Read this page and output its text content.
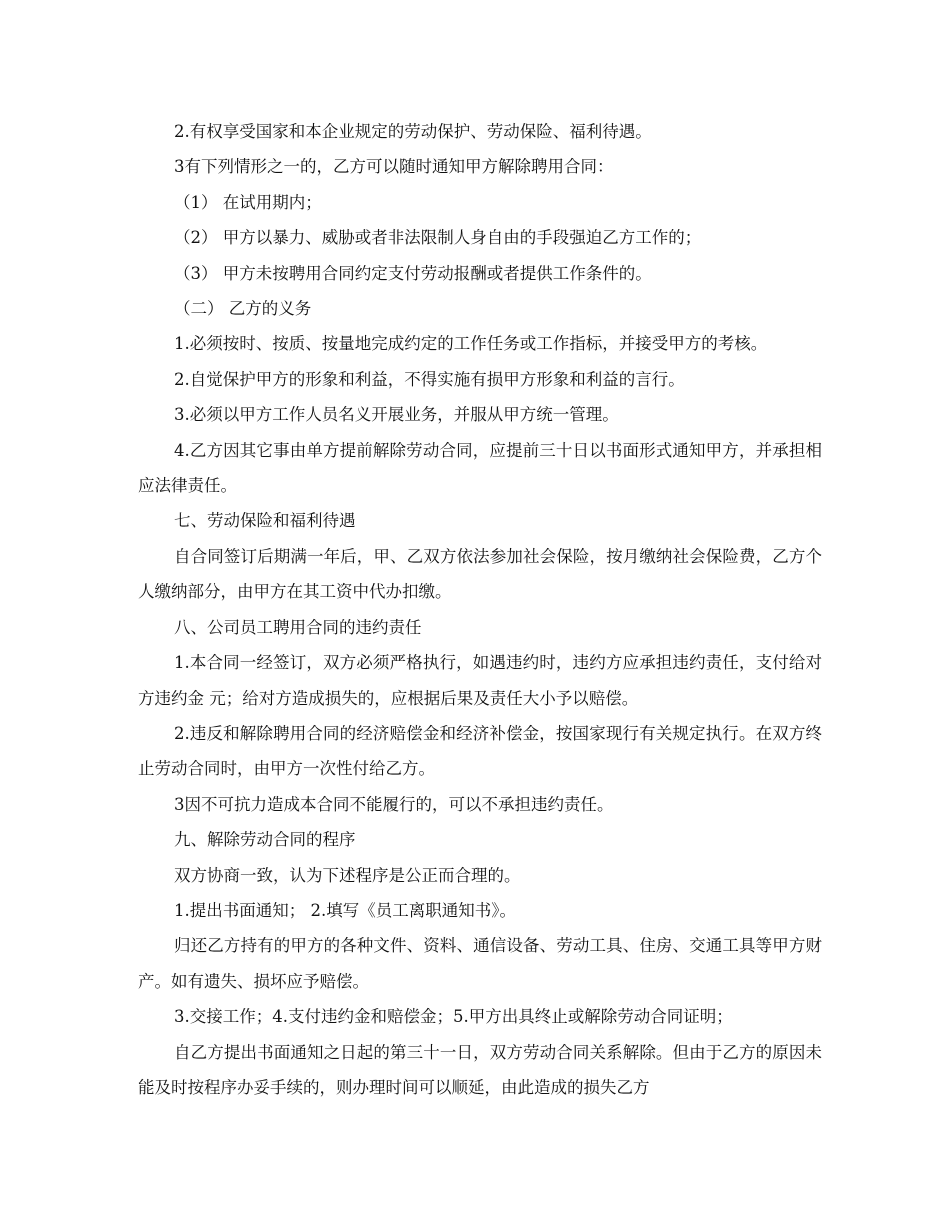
2.有权享受国家和本企业规定的劳动保护、劳动保险、福利待遇。

3有下列情形之一的，乙方可以随时通知甲方解除聘用合同：

（1） 在试用期内；

（2） 甲方以暴力、威胁或者非法限制人身自由的手段强迫乙方工作的；

（3） 甲方未按聘用合同约定支付劳动报酬或者提供工作条件的。

（二） 乙方的义务

1.必须按时、按质、按量地完成约定的工作任务或工作指标，并接受甲方的考核。

2.自觉保护甲方的形象和利益，不得实施有损甲方形象和利益的言行。

3.必须以甲方工作人员名义开展业务，并服从甲方统一管理。

4.乙方因其它事由单方提前解除劳动合同，应提前三十日以书面形式通知甲方，并承担相应法律责任。

七、劳动保险和福利待遇

自合同签订后期满一年后，甲、乙双方依法参加社会保险，按月缴纳社会保险费，乙方个人缴纳部分，由甲方在其工资中代办扣缴。

八、公司员工聘用合同的违约责任

1.本合同一经签订，双方必须严格执行，如遇违约时，违约方应承担违约责任，支付给对方违约金 元；给对方造成损失的，应根据后果及责任大小予以赔偿。

2.违反和解除聘用合同的经济赔偿金和经济补偿金，按国家现行有关规定执行。在双方终止劳动合同时，由甲方一次性付给乙方。

3因不可抗力造成本合同不能履行的，可以不承担违约责任。

九、解除劳动合同的程序

双方协商一致，认为下述程序是公正而合理的。

1.提出书面通知； 2.填写《员工离职通知书》。

归还乙方持有的甲方的各种文件、资料、通信设备、劳动工具、住房、交通工具等甲方财产。如有遗失、损坏应予赔偿。

3.交接工作；4.支付违约金和赔偿金；5.甲方出具终止或解除劳动合同证明；

自乙方提出书面通知之日起的第三十一日，双方劳动合同关系解除。但由于乙方的原因未能及时按程序办妥手续的，则办理时间可以顺延，由此造成的损失乙方
